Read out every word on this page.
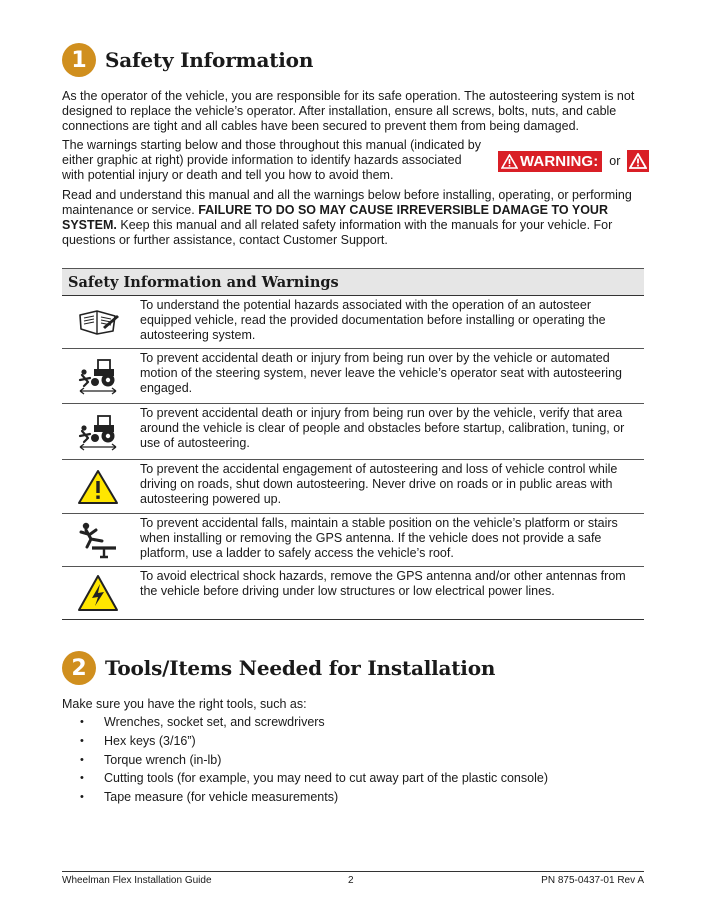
1 Safety Information

As the operator of the vehicle, you are responsible for its safe operation. The autosteering system is not designed to replace the vehicle’s operator. After installation, ensure all screws, bolts, nuts, and cable connections are tight and all cables have been secured to prevent them from being damaged.

The warnings starting below and those throughout this manual (indicated by either graphic at right) provide information to identify hazards associated with potential injury or death and tell you how to avoid them.

WARNING: or

Read and understand this manual and all the warnings below before installing, operating, or performing maintenance or service. FAILURE TO DO SO MAY CAUSE IRREVERSIBLE DAMAGE TO YOUR SYSTEM. Keep this manual and all related safety information with the manuals for your vehicle. For questions or further assistance, contact Customer Support.

Safety Information and Warnings
To understand the potential hazards associated with the operation of an autosteer equipped vehicle, read the provided documentation before installing or operating the autosteering system.
To prevent accidental death or injury from being run over by the vehicle or automated motion of the steering system, never leave the vehicle’s operator seat with autosteering engaged.
To prevent accidental death or injury from being run over by the vehicle, verify that area around the vehicle is clear of people and obstacles before startup, calibration, tuning, or use of autosteering.
To prevent the accidental engagement of autosteering and loss of vehicle control while driving on roads, shut down autosteering. Never drive on roads or in public areas with autosteering powered up.
To prevent accidental falls, maintain a stable position on the vehicle’s platform or stairs when installing or removing the GPS antenna. If the vehicle does not provide a safe platform, use a ladder to safely access the vehicle’s roof.
To avoid electrical shock hazards, remove the GPS antenna and/or other antennas from the vehicle before driving under low structures or low electrical power lines.
2 Tools/Items Needed for Installation

Make sure you have the right tools, such as:

•	Wrenches, socket set, and screwdrivers
•	Hex keys (3/16”)
•	Torque wrench (in-lb)
•	Cutting tools (for example, you may need to cut away part of the plastic console)
•	Tape measure (for vehicle measurements)
Wheelman Flex Installation Guide	2	PN 875-0437-01 Rev A
